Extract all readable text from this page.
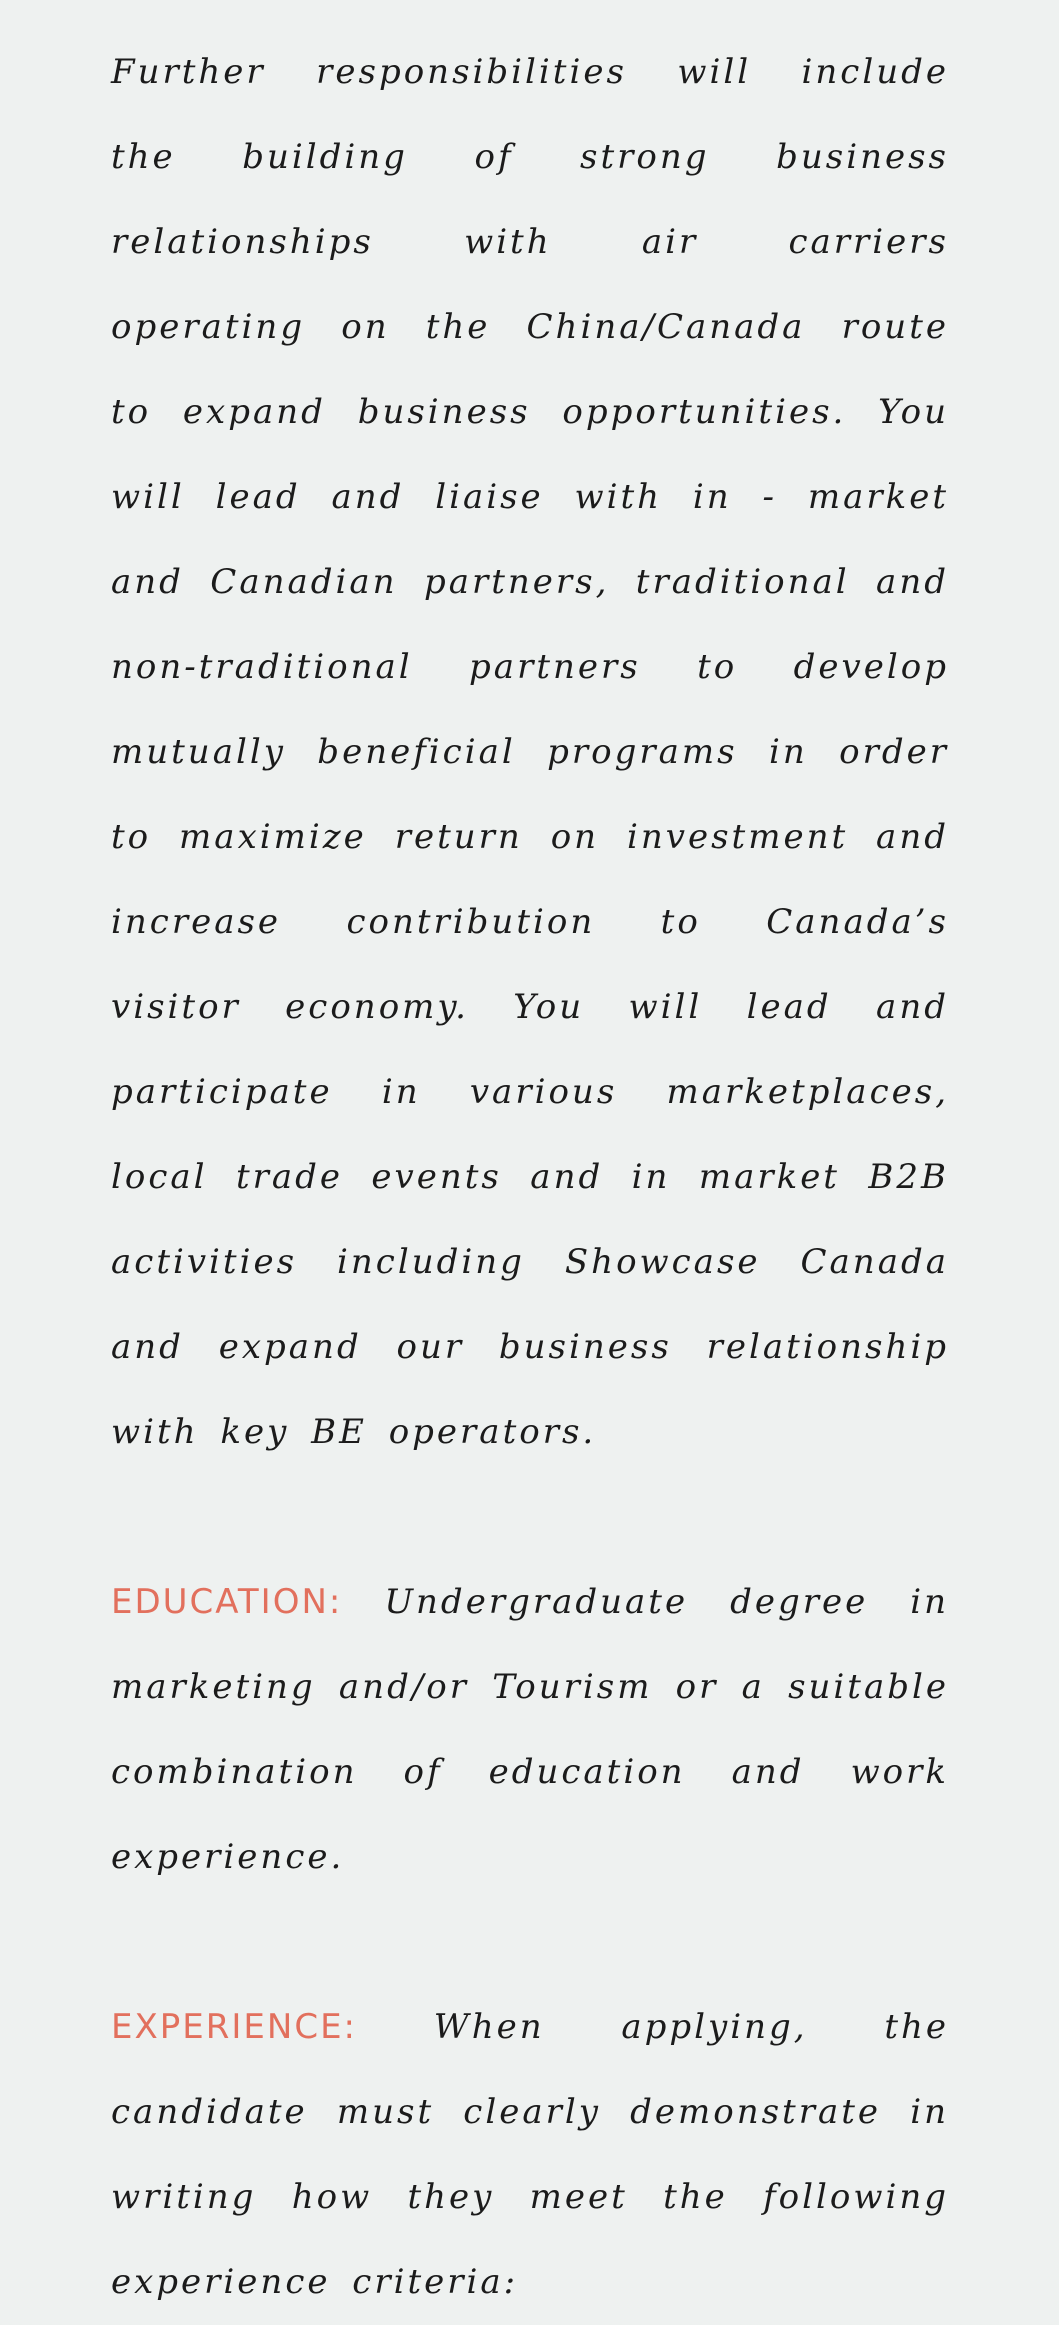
Further responsibilities will include the building of strong business relationships with air carriers operating on the China/Canada route to expand business opportunities. You will lead and liaise with in - market and Canadian partners, traditional and non-traditional partners to develop mutually beneficial programs in order to maximize return on investment and increase contribution to Canada’s visitor economy. You will lead and participate in various marketplaces, local trade events and in market B2B activities including Showcase Canada and expand our business relationship with key BE operators.

EDUCATION: Undergraduate degree in marketing and/or Tourism or a suitable combination of education and work experience.

EXPERIENCE: When applying, the candidate must clearly demonstrate in writing how they meet the following experience criteria:
